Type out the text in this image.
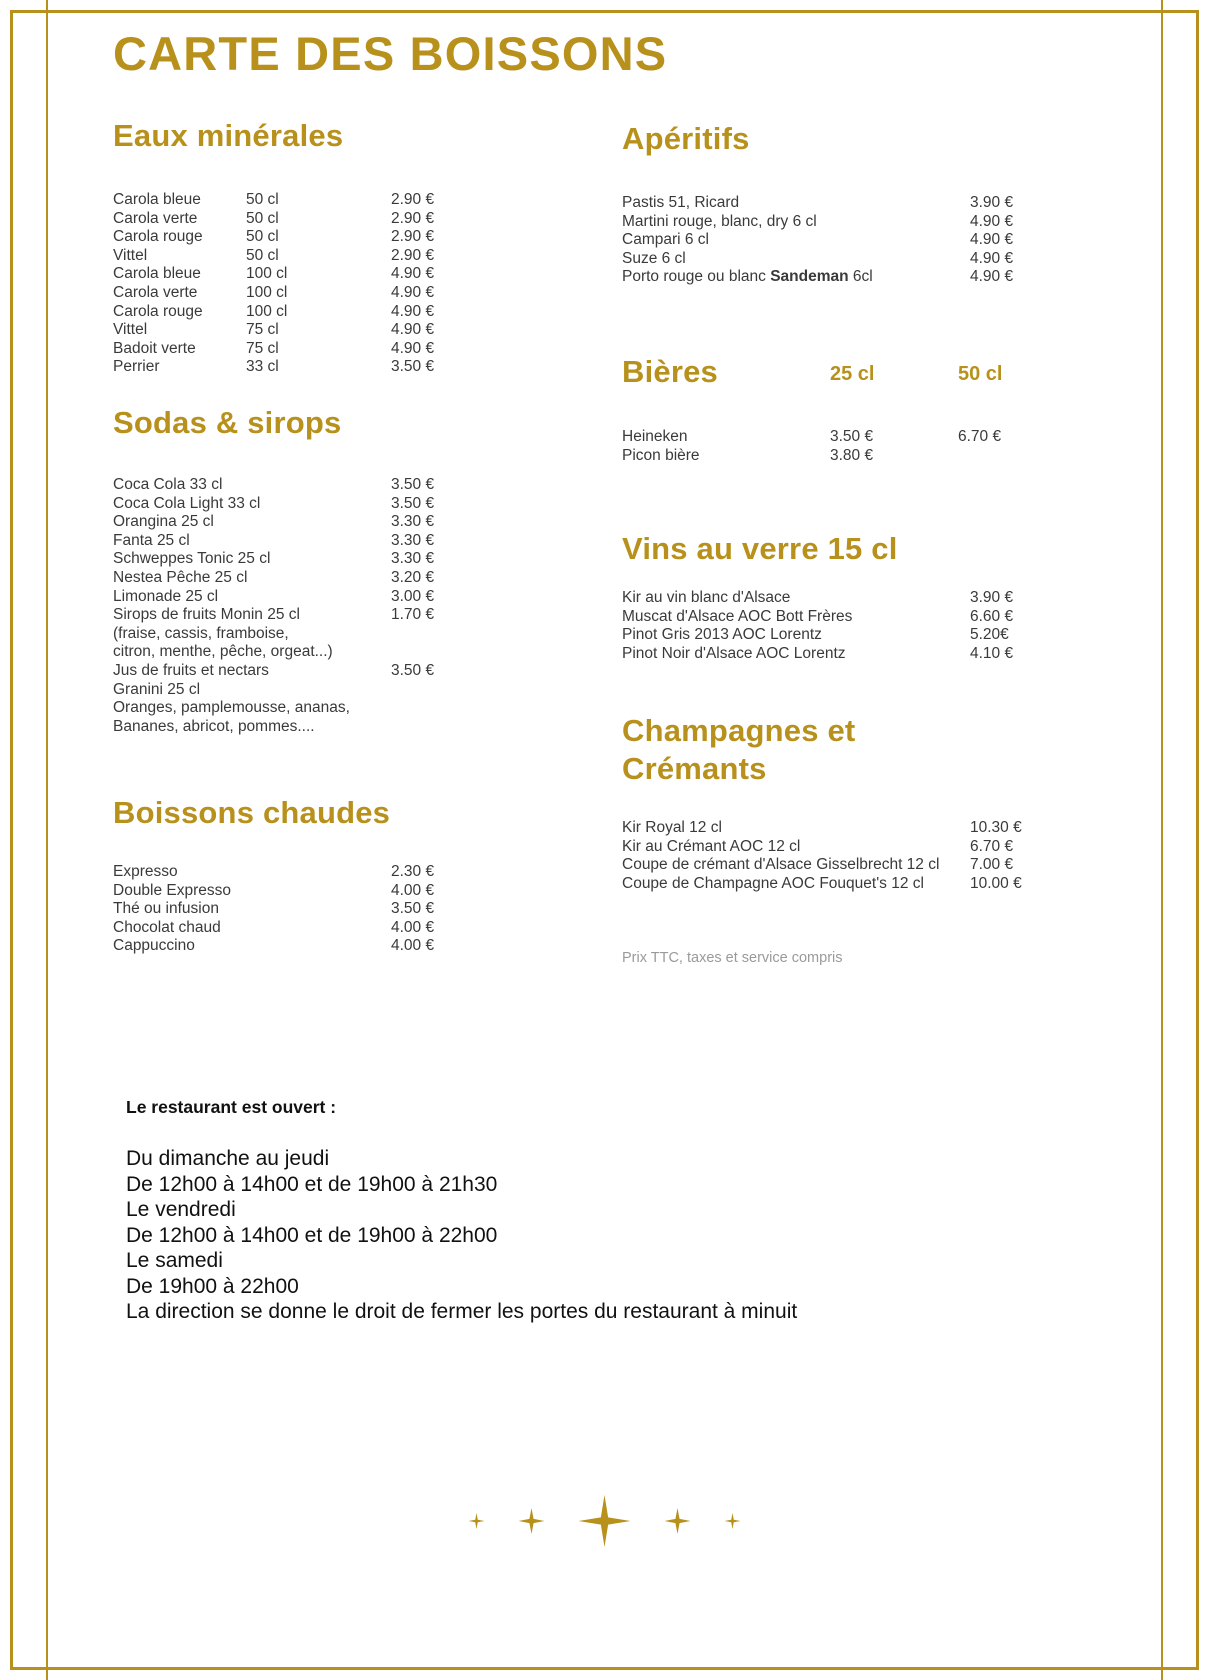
CARTE DES BOISSONS
Eaux minérales
Carola bleue	50 cl	2.90 €
Carola verte	50 cl	2.90 €
Carola rouge	50 cl	2.90 €
Vittel	50 cl	2.90 €
Carola bleue	100 cl	4.90 €
Carola verte	100 cl	4.90 €
Carola rouge	100 cl	4.90 €
Vittel	75 cl	4.90 €
Badoit verte	75 cl	4.90 €
Perrier	33 cl	3.50 €
Sodas & sirops
Coca Cola 33 cl	3.50 €
Coca Cola Light 33 cl	3.50 €
Orangina 25 cl	3.30 €
Fanta 25 cl	3.30 €
Schweppes Tonic 25 cl	3.30 €
Nestea Pêche 25 cl	3.20 €
Limonade 25 cl	3.00 €
Sirops de fruits Monin 25 cl	1.70 €
(fraise, cassis, framboise,
citron, menthe, pêche, orgeat...)
Jus de fruits et nectars	3.50 €
Granini 25 cl
Oranges, pamplemousse, ananas,
Bananes, abricot, pommes....
Boissons chaudes
Expresso	2.30 €
Double Expresso	4.00 €
Thé ou infusion	3.50 €
Chocolat chaud	4.00 €
Cappuccino	4.00 €
Apéritifs
Pastis 51, Ricard	3.90 €
Martini rouge, blanc, dry 6 cl	4.90 €
Campari 6 cl	4.90 €
Suze 6 cl	4.90 €
Porto rouge ou blanc Sandeman 6cl	4.90 €
Bières	25 cl	50 cl
Heineken	3.50 €	6.70 €
Picon bière	3.80 €
Vins au verre 15 cl
Kir au vin blanc d'Alsace	3.90 €
Muscat d'Alsace AOC Bott Frères	6.60 €
Pinot Gris 2013 AOC Lorentz	5.20€
Pinot Noir d'Alsace AOC Lorentz	4.10 €
Champagnes et Crémants
Kir Royal 12 cl	10.30 €
Kir au Crémant AOC 12 cl	6.70 €
Coupe de crémant d'Alsace Gisselbrecht 12 cl 7.00 €
Coupe de Champagne AOC Fouquet's 12 cl	10.00 €
Prix TTC, taxes et service compris
Le restaurant est ouvert :
Du dimanche au jeudi
De 12h00 à 14h00 et de 19h00 à 21h30
Le vendredi
De 12h00 à 14h00 et de 19h00 à 22h00
Le samedi
De 19h00 à 22h00
La direction se donne le droit de fermer les portes du restaurant à minuit
